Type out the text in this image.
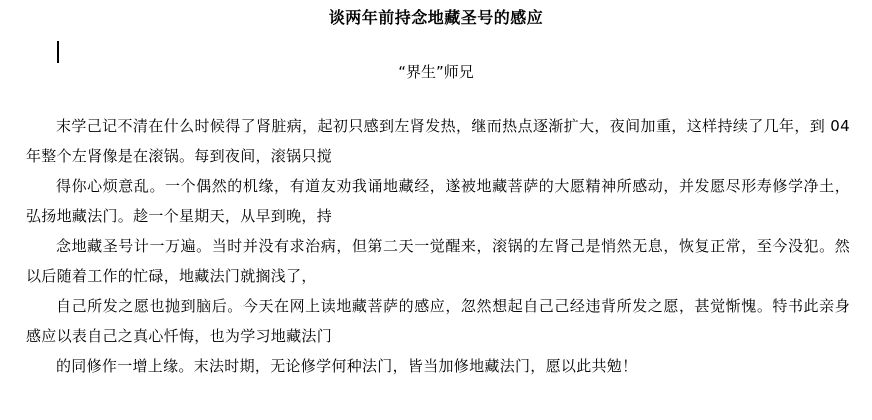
谈两年前持念地藏圣号的感应
“界生”师兄

末学己记不清在什么时候得了肾脏病，起初只感到左肾发热，继而热点逐渐扩大，夜间加重，这样持续了几年，到 04 年整个左肾像是在滚锅。每到夜间，滚锅只搅

得你心烦意乱。一个偶然的机缘，有道友劝我诵地藏经，遂被地藏菩萨的大愿精神所感动，并发愿尽形寿修学净土，弘扬地藏法门。趁一个星期天，从早到晚，持

念地藏圣号计一万遍。当时并没有求治病，但第二天一觉醒来，滚锅的左肾己是悄然无息，恢复正常，至今没犯。然以后随着工作的忙碌，地藏法门就搁浅了，

自己所发之愿也抛到脑后。今天在网上读地藏菩萨的感应，忽然想起自己己经违背所发之愿，甚觉惭愧。特书此亲身感应以表自己之真心忏悔，也为学习地藏法门

的同修作一增上缘。末法时期，无论修学何种法门，皆当加修地藏法门，愿以此共勉！
